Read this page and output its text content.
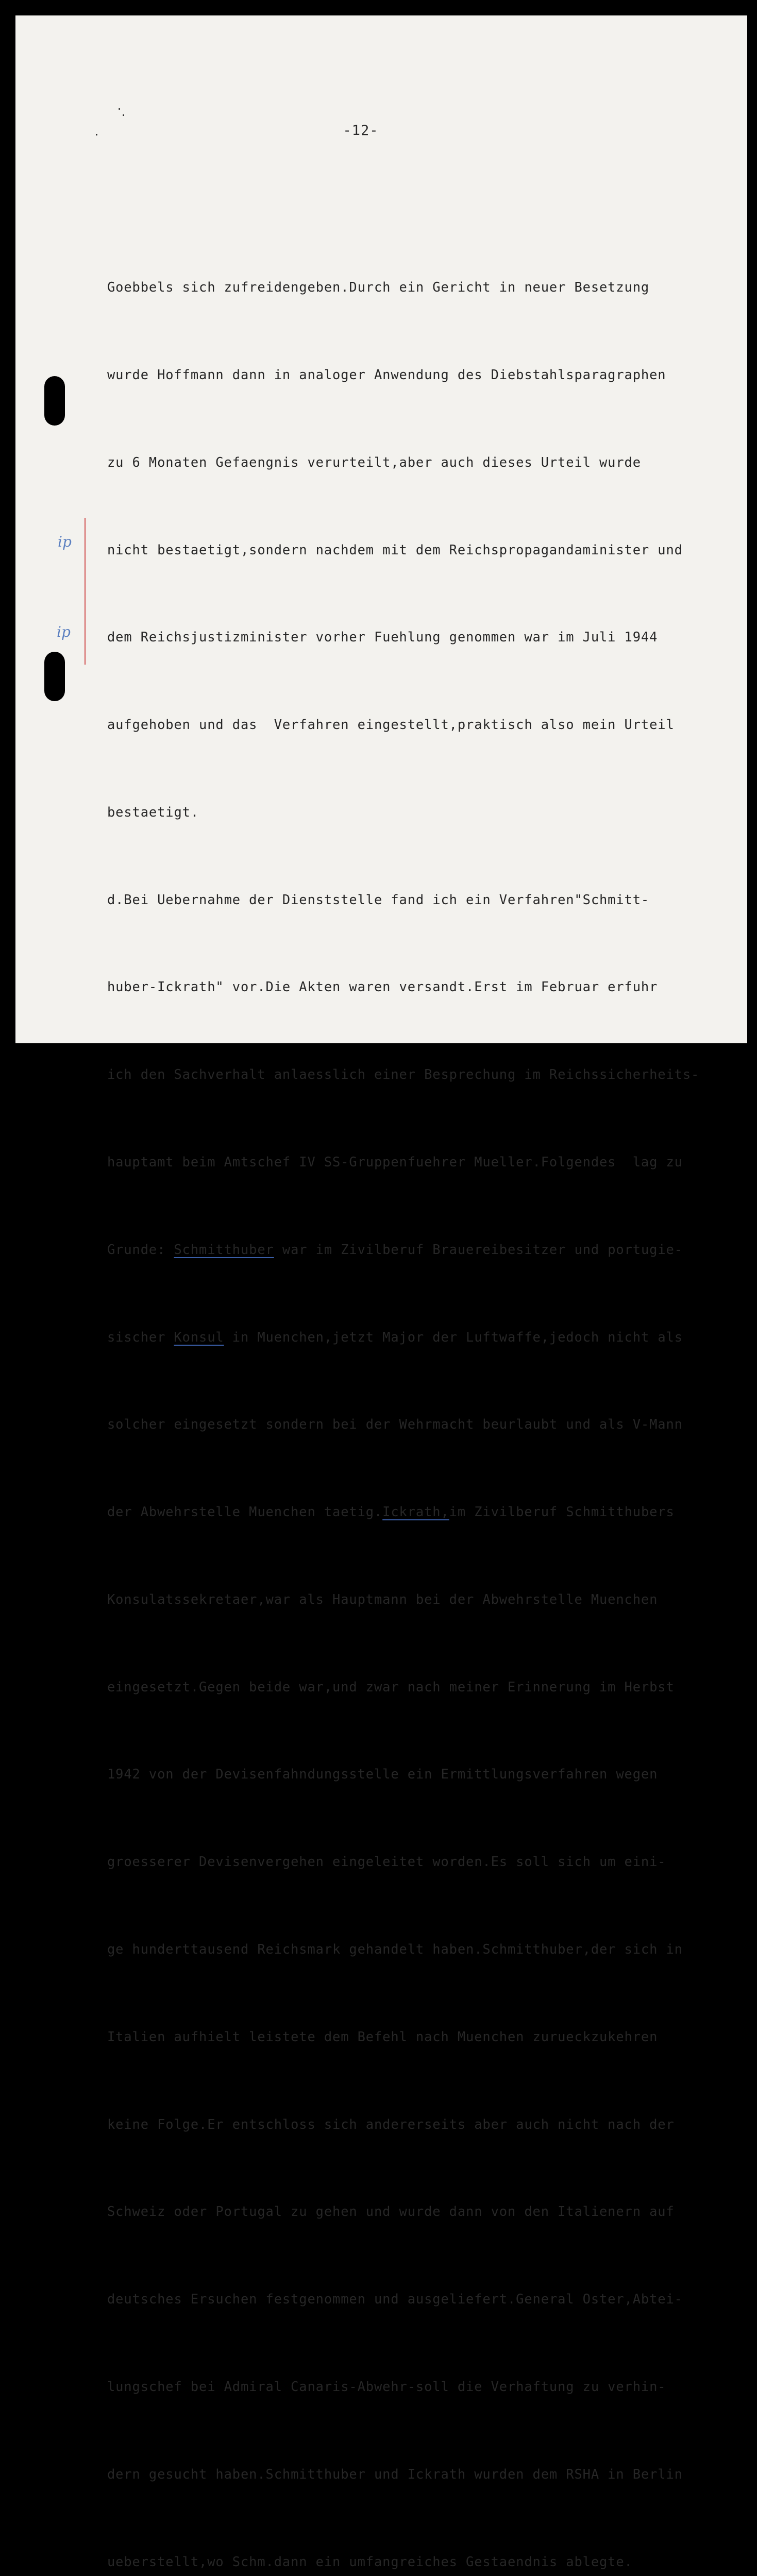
-12-
ip
ip

Goebbels sich zufreidengeben.Durch ein Gericht in neuer Besetzung

wurde Hoffmann dann in analoger Anwendung des Diebstahlsparagraphen

zu 6 Monaten Gefaengnis verurteilt,aber auch dieses Urteil wurde

nicht bestaetigt,sondern nachdem mit dem Reichspropagandaminister und

dem Reichsjustizminister vorher Fuehlung genommen war im Juli 1944

aufgehoben und das  Verfahren eingestellt,praktisch also mein Urteil

bestaetigt.

d.Bei Uebernahme der Dienststelle fand ich ein Verfahren"Schmitt-

huber-Ickrath" vor.Die Akten waren versandt.Erst im Februar erfuhr

ich den Sachverhalt anlaesslich einer Besprechung im Reichssicherheits-

hauptamt beim Amtschef IV SS-Gruppenfuehrer Mueller.Folgendes  lag zu

Grunde: Schmitthuber war im Zivilberuf Brauereibesitzer und portugie-

sischer Konsul in Muenchen,jetzt Major der Luftwaffe,jedoch nicht als

solcher eingesetzt sondern bei der Wehrmacht beurlaubt und als V-Mann

der Abwehrstelle Muenchen taetig.Ickrath,im Zivilberuf Schmitthubers

Konsulatssekretaer,war als Hauptmann bei der Abwehrstelle Muenchen

eingesetzt.Gegen beide war,und zwar nach meiner Erinnerung im Herbst

1942 von der Devisenfahndungsstelle ein Ermittlungsverfahren wegen

groesserer Devisenvergehen eingeleitet worden.Es soll sich um eini-

ge hunderttausend Reichsmark gehandelt haben.Schmitthuber,der sich in

Italien aufhielt leistete dem Befehl nach Muenchen zurueckzukehren

keine Folge.Er entschloss sich andererseits aber auch nicht nach der

Schweiz oder Portugal zu gehen und wurde dann von den Italienern auf

deutsches Ersuchen festgenommen und ausgeliefert.General Oster,Abtei-

lungschef bei Admiral Canaris-Abwehr-soll die Verhaftung zu verhin-

dern gesucht haben.Schmitthuber und Ickrath wurden dem RSHA in Berlin

ueberstellt,wo Schm.dann ein umfangreiches Gestaendnis ablegte.
